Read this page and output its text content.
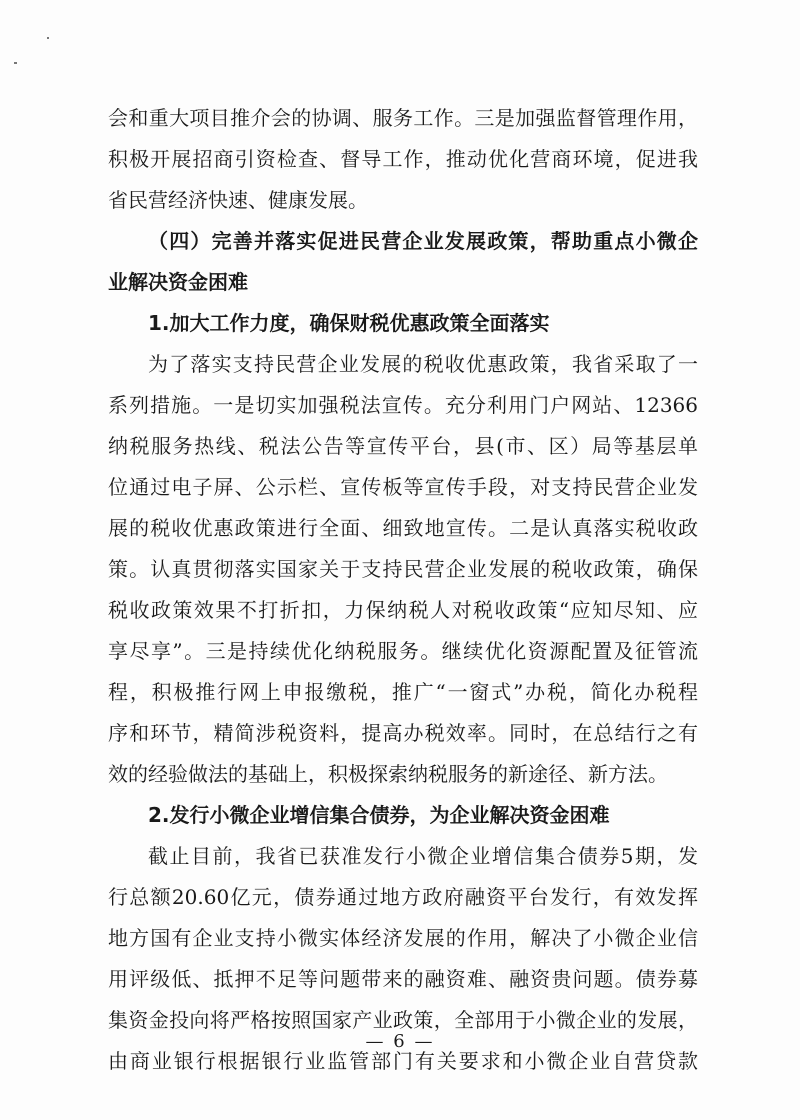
会和重大项目推介会的协调、服务工作。三是加强监督管理作用，
积极开展招商引资检查、督导工作，推动优化营商环境，促进我
省民营经济快速、健康发展。
（四）完善并落实促进民营企业发展政策，帮助重点小微企
业解决资金困难
1.加大工作力度，确保财税优惠政策全面落实
为了落实支持民营企业发展的税收优惠政策，我省采取了一
系列措施。一是切实加强税法宣传。充分利用门户网站、12366
纳税服务热线、税法公告等宣传平台，县(市、区）局等基层单
位通过电子屏、公示栏、宣传板等宣传手段，对支持民营企业发
展的税收优惠政策进行全面、细致地宣传。二是认真落实税收政
策。认真贯彻落实国家关于支持民营企业发展的税收政策，确保
税收政策效果不打折扣，力保纳税人对税收政策“应知尽知、应
享尽享”。三是持续优化纳税服务。继续优化资源配置及征管流
程，积极推行网上申报缴税，推广“一窗式”办税，简化办税程
序和环节，精简涉税资料，提高办税效率。同时，在总结行之有
效的经验做法的基础上，积极探索纳税服务的新途径、新方法。
2.发行小微企业增信集合债券，为企业解决资金困难
截止目前，我省已获准发行小微企业增信集合债券5期，发
行总额20.60亿元，债券通过地方政府融资平台发行，有效发挥
地方国有企业支持小微实体经济发展的作用，解决了小微企业信
用评级低、抵押不足等问题带来的融资难、融资贵问题。债券募
集资金投向将严格按照国家产业政策，全部用于小微企业的发展，
由商业银行根据银行业监管部门有关要求和小微企业自营贷款
— 6 —
